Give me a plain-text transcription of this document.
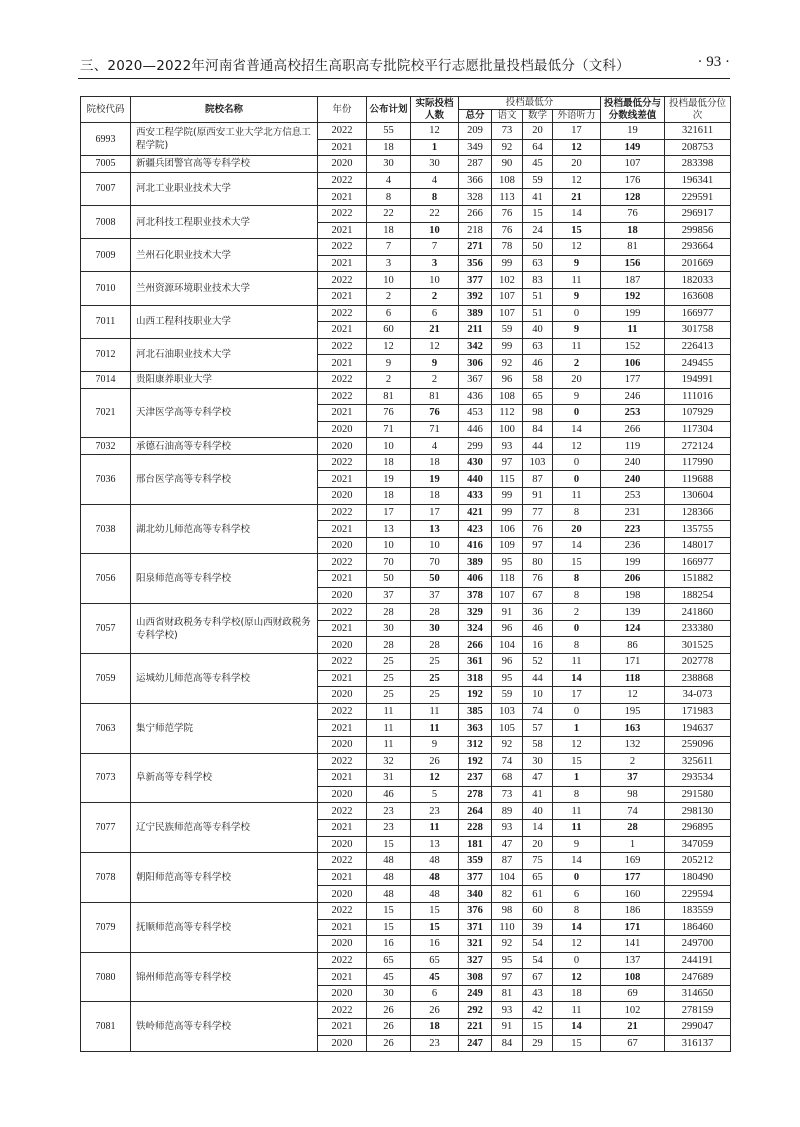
三、2020—2022年河南省普通高校招生高职高专批院校平行志愿批量投档最低分（文科）	· 93 ·
院校代码	院校名称	年份	公布计划	实际投档人数	投档最低分				投档最低分与分数线差值	投档最低分位次
					总分	语文	数学	外语听力		
6993	西安工程学院(原西安工业大学北方信息工程学院)	2022	55	12	209	73	20	17	19	321611
		2021	18	1	349	92	64	12	149	208753
7005	新疆兵团警官高等专科学校	2020	30	30	287	90	45	20	107	283398
7007	河北工业职业技术大学	2022	4	4	366	108	59	12	176	196341
		2021	8	8	328	113	41	21	128	229591
7008	河北科技工程职业技术大学	2022	22	22	266	76	15	14	76	296917
		2021	18	10	218	76	24	15	18	299856
7009	兰州石化职业技术大学	2022	7	7	271	78	50	12	81	293664
		2021	3	3	356	99	63	9	156	201669
7010	兰州资源环境职业技术大学	2022	10	10	377	102	83	11	187	182033
		2021	2	2	392	107	51	9	192	163608
7011	山西工程科技职业大学	2022	6	6	389	107	51	0	199	166977
		2021	60	21	211	59	40	9	11	301758
7012	河北石油职业技术大学	2022	12	12	342	99	63	11	152	226413
		2021	9	9	306	92	46	2	106	249455
7014	贵阳康养职业大学	2022	2	2	367	96	58	20	177	194991
7021	天津医学高等专科学校	2022	81	81	436	108	65	9	246	111016
		2021	76	76	453	112	98	0	253	107929
		2020	71	71	446	100	84	14	266	117304
7032	承德石油高等专科学校	2020	10	4	299	93	44	12	119	272124
7036	邢台医学高等专科学校	2022	18	18	430	97	103	0	240	117990
		2021	19	19	440	115	87	0	240	119688
		2020	18	18	433	99	91	11	253	130604
7038	湖北幼儿师范高等专科学校	2022	17	17	421	99	77	8	231	128366
		2021	13	13	423	106	76	20	223	135755
		2020	10	10	416	109	97	14	236	148017
7056	阳泉师范高等专科学校	2022	70	70	389	95	80	15	199	166977
		2021	50	50	406	118	76	8	206	151882
		2020	37	37	378	107	67	8	198	188254
7057	山西省财政税务专科学校(原山西财政税务专科学校)	2022	28	28	329	91	36	2	139	241860
		2021	30	30	324	96	46	0	124	233380
		2020	28	28	266	104	16	8	86	301525
7059	运城幼儿师范高等专科学校	2022	25	25	361	96	52	11	171	202778
		2021	25	25	318	95	44	14	118	238868
		2020	25	25	192	59	10	17	12	34-073
7063	集宁师范学院	2022	11	11	385	103	74	0	195	171983
		2021	11	11	363	105	57	1	163	194637
		2020	11	9	312	92	58	12	132	259096
7073	阜新高等专科学校	2022	32	26	192	74	30	15	2	325611
		2021	31	12	237	68	47	1	37	293534
		2020	46	5	278	73	41	8	98	291580
7077	辽宁民族师范高等专科学校	2022	23	23	264	89	40	11	74	298130
		2021	23	11	228	93	14	11	28	296895
		2020	15	13	181	47	20	9	1	347059
7078	朝阳师范高等专科学校	2022	48	48	359	87	75	14	169	205212
		2021	48	48	377	104	65	0	177	180490
		2020	48	48	340	82	61	6	160	229594
7079	抚顺师范高等专科学校	2022	15	15	376	98	60	8	186	183559
		2021	15	15	371	110	39	14	171	186460
		2020	16	16	321	92	54	12	141	249700
7080	锦州师范高等专科学校	2022	65	65	327	95	54	0	137	244191
		2021	45	45	308	97	67	12	108	247689
		2020	30	6	249	81	43	18	69	314650
7081	铁岭师范高等专科学校	2022	26	26	292	93	42	11	102	278159
		2021	26	18	221	91	15	14	21	299047
		2020	26	23	247	84	29	15	67	316137
